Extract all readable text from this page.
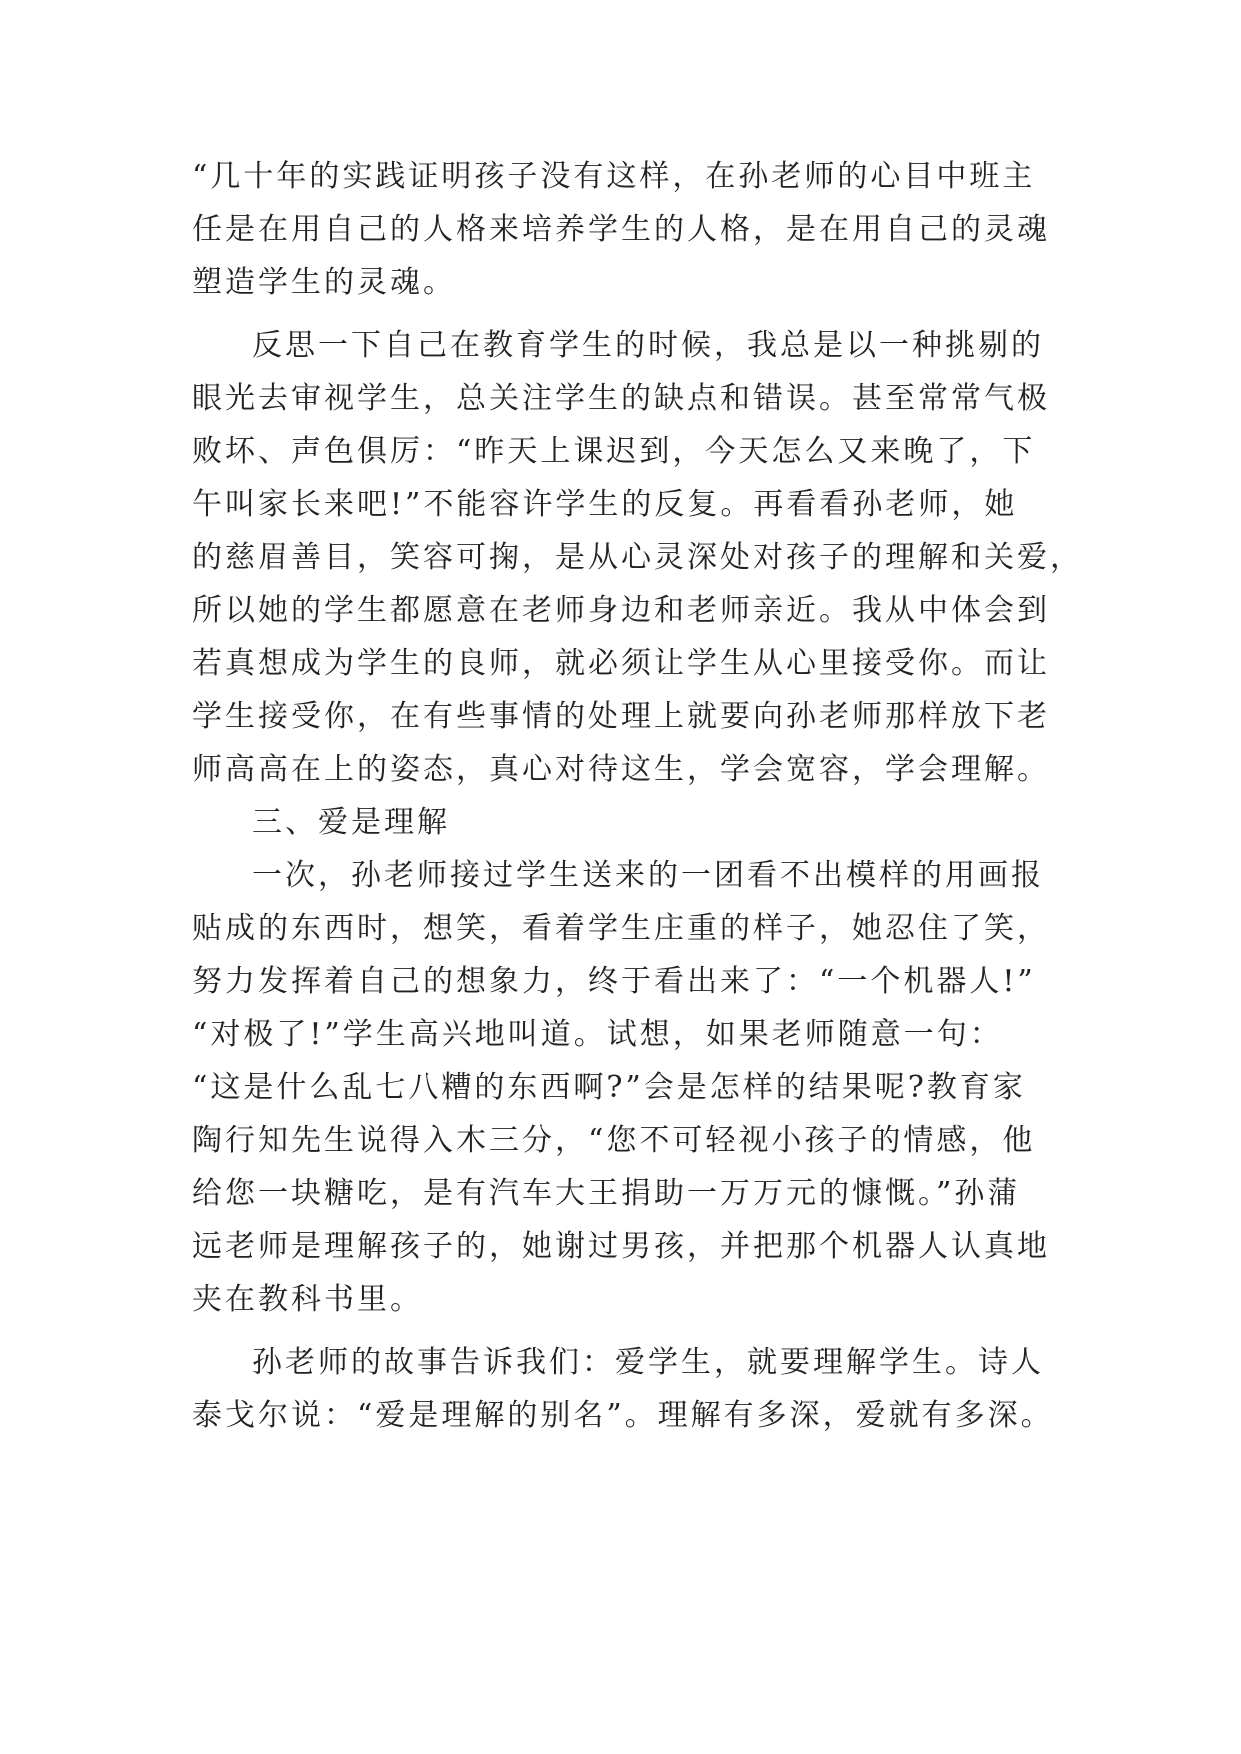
“几十年的实践证明孩子没有这样，在孙老师的心目中班主
任是在用自己的人格来培养学生的人格，是在用自己的灵魂
塑造学生的灵魂。
反思一下自己在教育学生的时候，我总是以一种挑剔的
眼光去审视学生，总关注学生的缺点和错误。甚至常常气极
败坏、声色俱厉：“昨天上课迟到，今天怎么又来晚了，下
午叫家长来吧!”不能容许学生的反复。再看看孙老师，她
的慈眉善目，笑容可掬，是从心灵深处对孩子的理解和关爱，
所以她的学生都愿意在老师身边和老师亲近。我从中体会到
若真想成为学生的良师，就必须让学生从心里接受你。而让
学生接受你，在有些事情的处理上就要向孙老师那样放下老
师高高在上的姿态，真心对待这生，学会宽容，学会理解。
三、爱是理解
一次，孙老师接过学生送来的一团看不出模样的用画报
贴成的东西时，想笑，看着学生庄重的样子，她忍住了笑，
努力发挥着自己的想象力，终于看出来了：“一个机器人!”
“对极了!”学生高兴地叫道。试想，如果老师随意一句：
“这是什么乱七八糟的东西啊?”会是怎样的结果呢?教育家
陶行知先生说得入木三分，“您不可轻视小孩子的情感，他
给您一块糖吃，是有汽车大王捐助一万万元的慷慨。”孙蒲
远老师是理解孩子的，她谢过男孩，并把那个机器人认真地
夹在教科书里。
孙老师的故事告诉我们：爱学生，就要理解学生。诗人
泰戈尔说：“爱是理解的别名”。理解有多深，爱就有多深。
